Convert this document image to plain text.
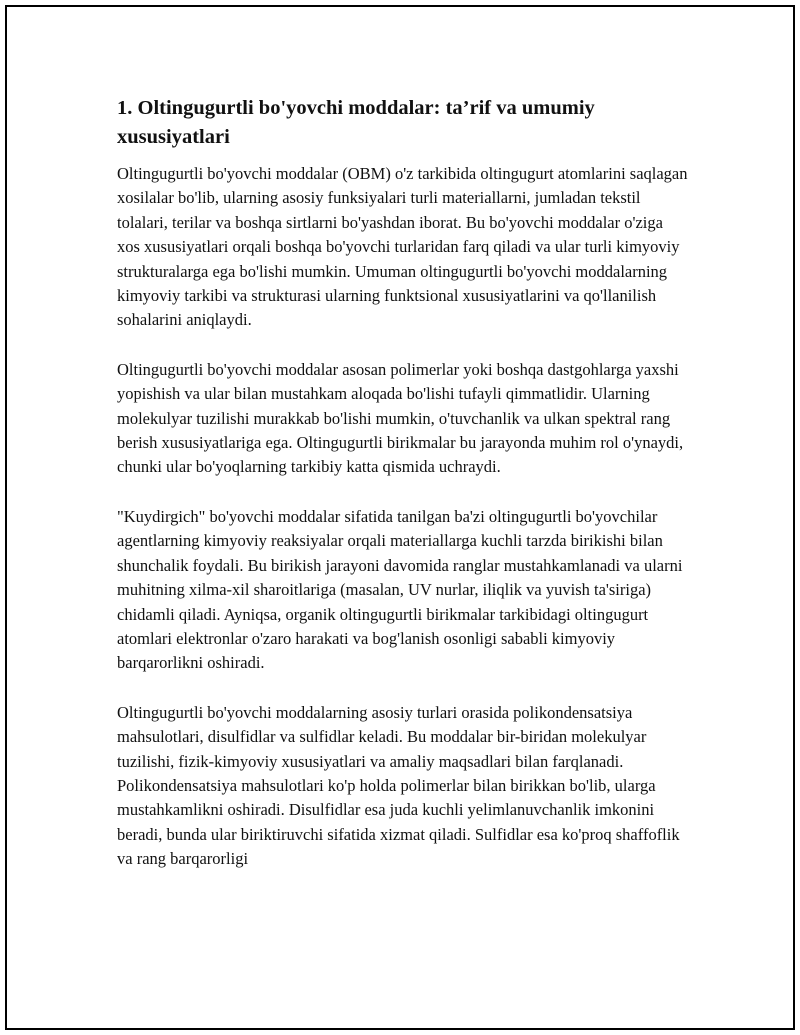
1. Oltingugurtli bo'yovchi moddalar: ta’rif va umumiy xususiyatlari

Oltingugurtli bo'yovchi moddalar (OBM) o'z tarkibida oltingugurt atomlarini saqlagan xosilalar bo'lib, ularning asosiy funksiyalari turli materiallarni, jumladan tekstil tolalari, terilar va boshqa sirtlarni bo'yashdan iborat. Bu bo'yovchi moddalar o'ziga xos xususiyatlari orqali boshqa bo'yovchi turlaridan farq qiladi va ular turli kimyoviy strukturalarga ega bo'lishi mumkin. Umuman oltingugurtli bo'yovchi moddalarning kimyoviy tarkibi va strukturasi ularning funktsional xususiyatlarini va qo'llanilish sohalarini aniqlaydi.

Oltingugurtli bo'yovchi moddalar asosan polimerlar yoki boshqa dastgohlarga yaxshi yopishish va ular bilan mustahkam aloqada bo'lishi tufayli qimmatlidir. Ularning molekulyar tuzilishi murakkab bo'lishi mumkin, o'tuvchanlik va ulkan spektral rang berish xususiyatlariga ega. Oltingugurtli birikmalar bu jarayonda muhim rol o'ynaydi, chunki ular bo'yoqlarning tarkibiy katta qismida uchraydi.

"Kuydirgich" bo'yovchi moddalar sifatida tanilgan ba'zi oltingugurtli bo'yovchilar agentlarning kimyoviy reaksiyalar orqali materiallarga kuchli tarzda birikishi bilan shunchalik foydali. Bu birikish jarayoni davomida ranglar mustahkamlanadi va ularni muhitning xilma-xil sharoitlariga (masalan, UV nurlar, iliqlik va yuvish ta'siriga) chidamli qiladi. Ayniqsa, organik oltingugurtli birikmalar tarkibidagi oltingugurt atomlari elektronlar o'zaro harakati va bog'lanish osonligi sababli kimyoviy barqarorlikni oshiradi.

Oltingugurtli bo'yovchi moddalarning asosiy turlari orasida polikondensatsiya mahsulotlari, disulfidlar va sulfidlar keladi. Bu moddalar bir-biridan molekulyar tuzilishi, fizik-kimyoviy xususiyatlari va amaliy maqsadlari bilan farqlanadi. Polikondensatsiya mahsulotlari ko'p holda polimerlar bilan birikkan bo'lib, ularga mustahkamlikni oshiradi. Disulfidlar esa juda kuchli yelimlanuvchanlik imkonini beradi, bunda ular biriktiruvchi sifatida xizmat qiladi. Sulfidlar esa ko'proq shaffoflik va rang barqarorligi
